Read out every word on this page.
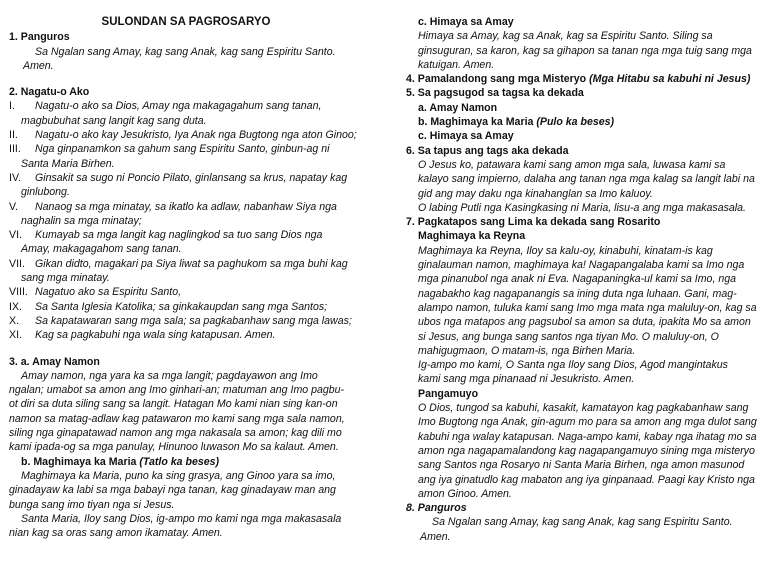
SULONDAN SA PAGROSARYO
1. Panguros
Sa Ngalan sang Amay, kag sang Anak, kag sang Espiritu Santo.
Amen.
2. Nagatu-o Ako
I. Nagatu-o ako sa Dios, Amay nga makagagahum sang tanan,
magbubuhat sang langit kag sang duta.
II. Nagatu-o ako kay Jesukristo, Iya Anak nga Bugtong nga aton Ginoo;
III. Nga ginpanamkon sa gahum sang Espiritu Santo, ginbun-ag ni
Santa Maria Birhen.
IV. Ginsakit sa sugo ni Poncio Pilato, ginlansang sa krus, napatay kag
ginlubong.
V. Nanaog sa mga minatay, sa ikatlo ka adlaw, nabanhaw Siya nga
naghalin sa mga minatay;
VI. Kumayab sa mga langit kag naglingkod sa tuo sang Dios nga
Amay, makagagahom sang tanan.
VII. Gikan didto, magakari pa Siya liwat sa paghukom sa mga buhi kag
sang mga minatay.
VIII. Nagatuo ako sa Espiritu Santo,
IX. Sa Santa Iglesia Katolika; sa ginkakaupdan sang mga Santos;
X. Sa kapatawaran sang mga sala; sa pagkabanhaw sang mga lawas;
XI. Kag sa pagkabuhi nga wala sing katapusan. Amen.
3. a. Amay Namon
Amay namon, nga yara ka sa mga langit; pagdayawon ang Imo
ngalan; umabot sa amon ang Imo ginhari-an; matuman ang Imo pagbu-
ot diri sa duta siling sang sa langit. Hatagan Mo kami nian sing kan-on
namon sa matag-adlaw kag patawaron mo kami sang mga sala namon,
siling nga ginapatawad namon ang mga nakasala sa amon; kag dili mo
kami ipada-og sa mga panulay, Hinunoo luwason Mo sa kalaut. Amen.
b. Maghimaya ka Maria (Tatlo ka beses)
Maghimaya ka Maria, puno ka sing grasya, ang Ginoo yara sa imo,
ginadayaw ka labi sa mga babayi nga tanan, kag ginadayaw man ang
bunga sang imo tiyan nga si Jesus.
Santa Maria, Iloy sang Dios, ig-ampo mo kami nga mga makasasala
nian kag sa oras sang amon ikamatay. Amen.
c. Himaya sa Amay
Himaya sa Amay, kag sa Anak, kag sa Espiritu Santo. Siling sa
ginsuguran, sa karon, kag sa gihapon sa tanan nga mga tuig sang mga
katuigan. Amen.
4. Pamalandong sang mga Misteryo (Mga Hitabu sa kabuhi ni Jesus)
5. Sa pagsugod sa tagsa ka dekada
a. Amay Namon
b. Maghimaya ka Maria (Pulo ka beses)
c. Himaya sa Amay
6. Sa tapus ang tags aka dekada
O Jesus ko, patawara kami sang amon mga sala, luwasa kami sa
kalayo sang impierno, dalaha ang tanan nga mga kalag sa langit labi na
gid ang may daku nga kinahanglan sa Imo kaluoy.
O labing Putli nga Kasingkasing ni Maria, lisu-a ang mga makasasala.
7. Pagkatapos sang Lima ka dekada sang Rosarito
Maghimaya ka Reyna
Maghimaya ka Reyna, Iloy sa kalu-oy, kinabuhi, kinatam-is kag
ginalauman namon, maghimaya ka! Nagapangalaba kami sa Imo nga
mga pinanubol nga anak ni Eva. Nagapaningka-ul kami sa Imo, nga
nagabakho kag nagapanangis sa ining duta nga luhaan. Gani, mag-
alampo namon, tuluka kami sang Imo mga mata nga maluluy-on, kag sa
ubos nga matapos ang pagsubol sa amon sa duta, ipakita Mo sa amon
si Jesus, ang bunga sang santos nga tiyan Mo. O maluluy-on, O
mahigugmaon, O matam-is, nga Birhen Maria.
Ig-ampo mo kami, O Santa nga Iloy sang Dios, Agod mangintakus
kami sang mga pinanaad ni Jesukristo. Amen.
Pangamuyo
O Dios, tungod sa kabuhi, kasakit, kamatayon kag pagkabanhaw sang
Imo Bugtong nga Anak, gin-agum mo para sa amon ang mga dulot sang
kabuhi nga walay katapusan. Naga-ampo kami, kabay nga ihatag mo sa
amon nga nagapamalandong kag nagapangamuyo sining mga misteryo
sang Santos nga Rosaryo ni Santa Maria Birhen, nga amon masunod
ang iya ginatudlo kag mabaton ang iya ginpanaad. Paagi kay Kristo nga
amon Ginoo. Amen.
8. Panguros
Sa Ngalan sang Amay, kag sang Anak, kag sang Espiritu Santo.
Amen.
